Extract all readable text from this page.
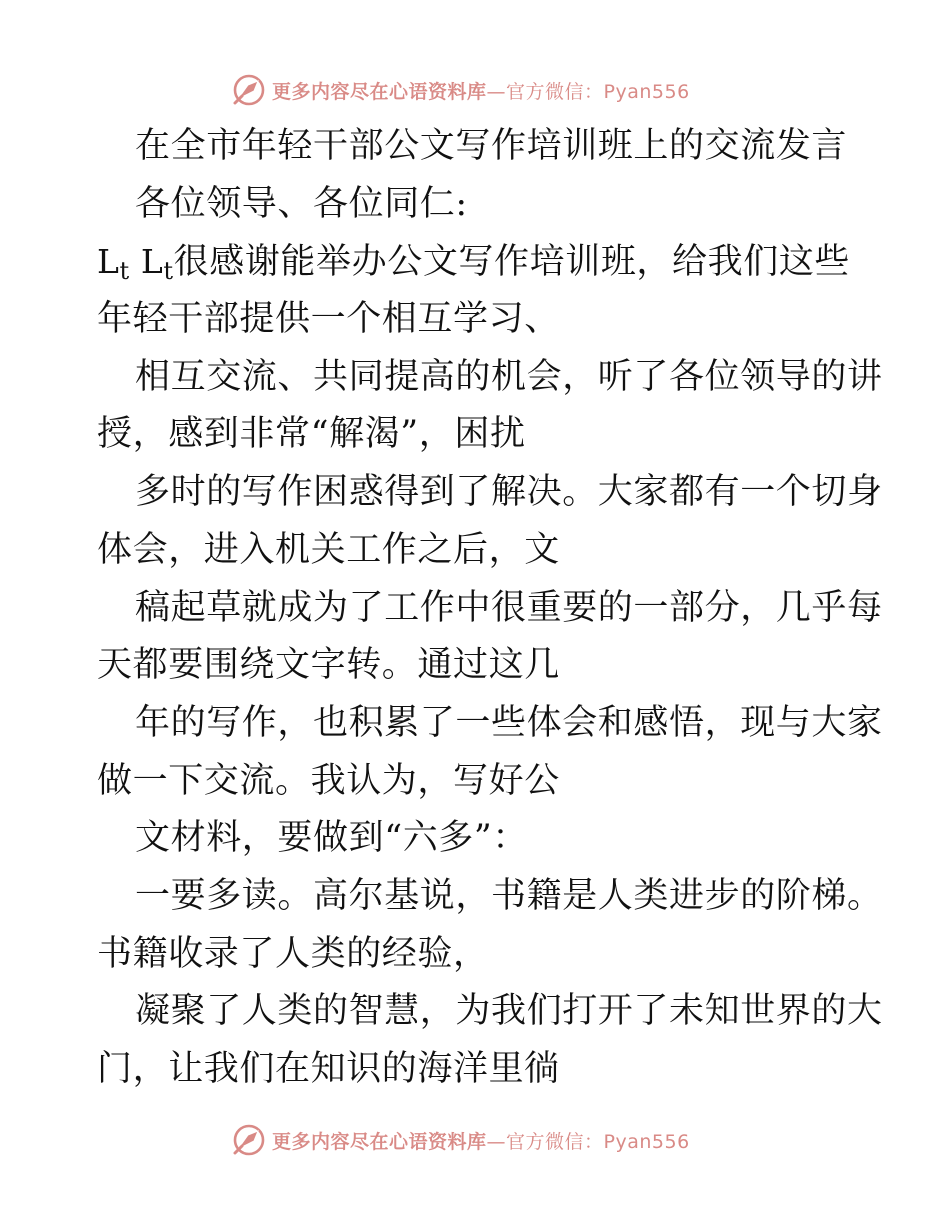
更多内容尽在心语资料库 —官方微信：Pyan556
在全市年轻干部公文写作培训班上的交流发言
各位领导、各位同仁:
$L_t$ $L_t$很感谢能举办公文写作培训班，给我们这些
年轻干部提供一个相互学习、
相互交流、共同提高的机会，听了各位领导的讲
授，感到非常“解渴”，困扰
多时的写作困惑得到了解决。大家都有一个切身
体会，进入机关工作之后，文
稿起草就成为了工作中很重要的一部分，几乎每
天都要围绕文字转。通过这几
年的写作，也积累了一些体会和感悟，现与大家
做一下交流。我认为，写好公
文材料，要做到“六多”：
一要多读。高尔基说，书籍是人类进步的阶梯。
书籍收录了人类的经验，
凝聚了人类的智慧，为我们打开了未知世界的大
门，让我们在知识的海洋里徜
更多内容尽在心语资料库 —官方微信：Pyan556
